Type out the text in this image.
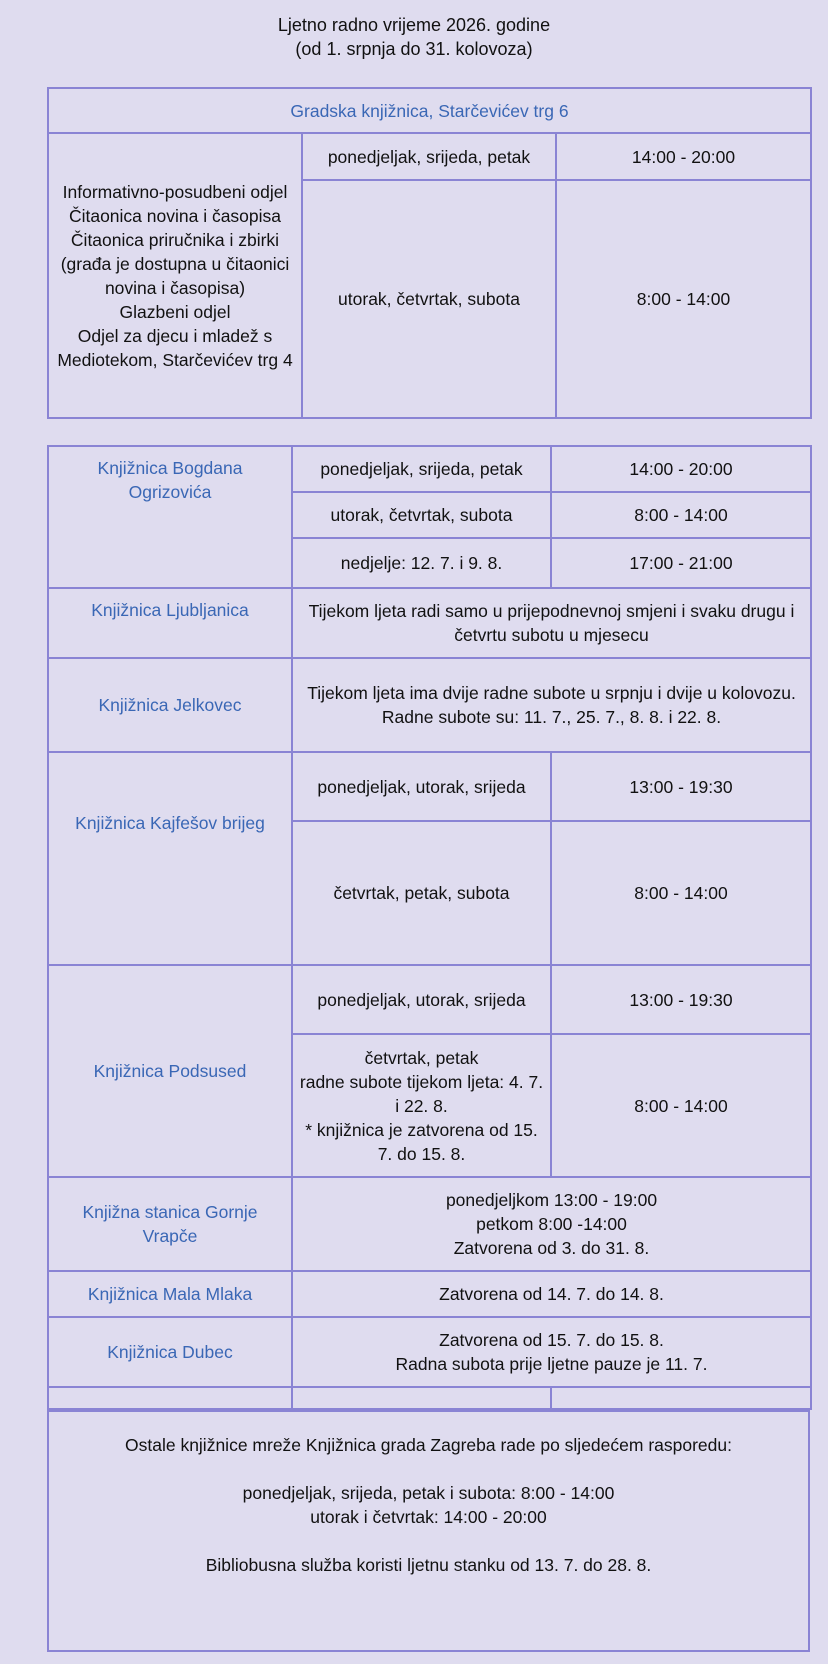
Ljetno radno vrijeme 2026. godine
(od 1. srpnja do 31. kolovoza)
Gradska knjižnica, Starčevićev trg 6		

Informativno-posudbeni odjel
Čitaonica novina i časopisa
Čitaonica priručnika i zbirki (građa je dostupna u čitaonici novina i časopisa)
Glazbeni odjel
Odjel za djecu i mladež s Mediotekom, Starčevićev trg 4	ponedjeljak, srijeda, petak	14:00 - 20:00
	utorak, četvrtak, subota	8:00 - 14:00
Knjižnica Bogdana Ogrizovića	ponedjeljak, srijeda, petak	14:00 - 20:00
	utorak, četvrtak, subota	8:00 - 14:00
	nedjelje: 12. 7. i 9. 8.	17:00 - 21:00
Knjižnica Ljubljanica	Tijekom ljeta radi samo u prijepodnevnoj smjeni i svaku drugu i četvrtu subotu u mjesecu	
Knjižnica Jelkovec	Tijekom ljeta ima dvije radne subote u srpnju i dvije u kolovozu.
Radne subote su: 11. 7., 25. 7., 8. 8. i 22. 8.	

Knjižnica Kajfešov brijeg	ponedjeljak, utorak, srijeda	13:00 - 19:30
	četvrtak, petak, subota	8:00 - 14:00
Knjižnica Podsused	ponedjeljak, utorak, srijeda	13:00 - 19:30

	četvrtak, petak
radne subote tijekom ljeta: 4. 7. i 22. 8.
* knjižnica je zatvorena od 15. 7. do 15. 8.	8:00 - 14:00
Knjižna stanica Gornje Vrapče	ponedjeljkom 13:00 - 19:00
petkom 8:00 -14:00
Zatvorena od 3. do 31. 8.	

Knjižnica Mala Mlaka	Zatvorena od 14. 7. do 14. 8.	
Knjižnica Dubec	Zatvorena od 15. 7. do 15. 8.
Radna subota prije ljetne pauze je 11. 7.	

Ostale knjižnice mreže Knjižnica grada Zagreba rade po sljedećem rasporedu:
ponedjeljak, srijeda, petak i subota: 8:00 - 14:00
utorak i četvrtak: 14:00 - 20:00
Bibliobusna služba koristi ljetnu stanku od 13. 7. do 28. 8.
